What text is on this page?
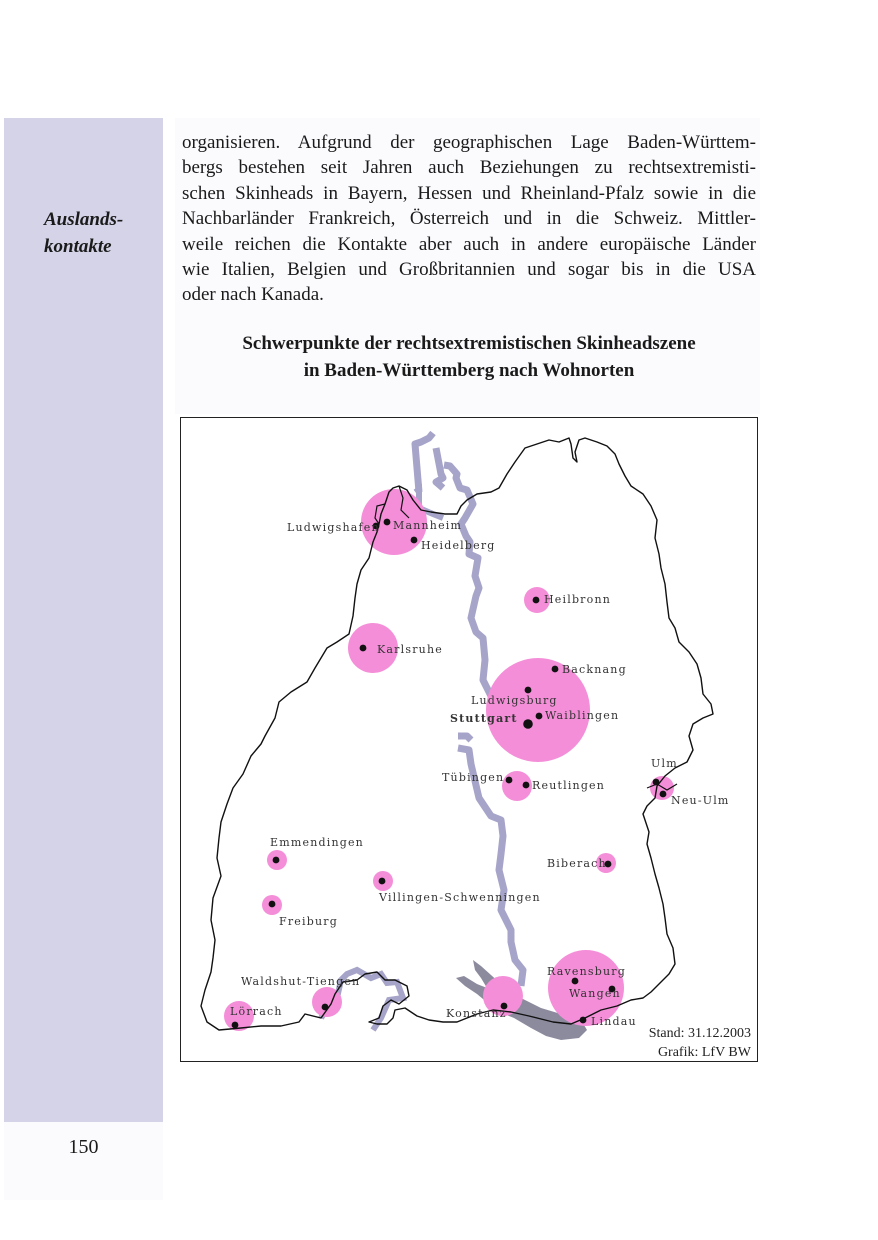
Auslands-
kontakte
150
organisieren. Aufgrund der geographischen Lage Baden-Württem-
bergs bestehen seit Jahren auch Beziehungen zu rechtsextremisti-
schen Skinheads in Bayern, Hessen und Rheinland-Pfalz sowie in die
Nachbarländer Frankreich, Österreich und in die Schweiz. Mittler-
weile reichen die Kontakte aber auch in andere europäische Länder
wie Italien, Belgien und Großbritannien und sogar bis in die USA
oder nach Kanada.
Schwerpunkte der rechtsextremistischen Skinheadszene
in Baden-Württemberg nach Wohnorten
Ludwigshafen Mannheim
Heidelberg
Heilbronn
Karlsruhe
Backnang
Ludwigsburg
Stuttgart Waiblingen
Ulm
Neu-Ulm
Tübingen
Reutlingen
Emmendingen
Biberach
Villingen-Schwenningen
Freiburg
Ravensburg
Wangen
Waldshut-Tiengen
Lörrach	Konstanz
Lindau
Stand: 31.12.2003
Grafik: LfV BW
